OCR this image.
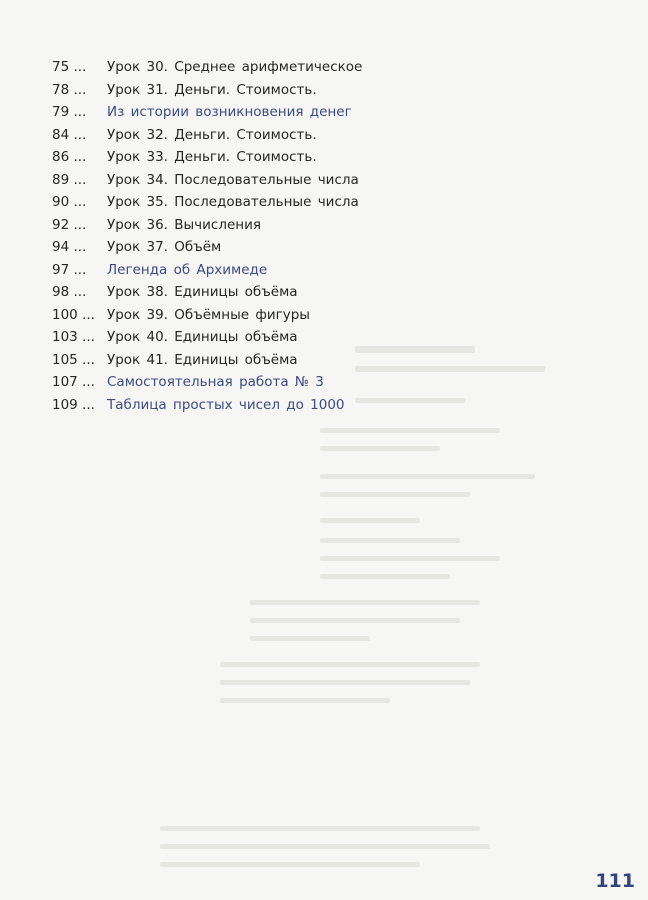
75 ...	Урок 30. Среднее арифметическое
78 ...	Урок 31. Деньги. Стоимость.
79 ...	Из истории возникновения денег
84 ...	Урок 32. Деньги. Стоимость.
86 ...	Урок 33. Деньги. Стоимость.
89 ...	Урок 34. Последовательные числа
90 ...	Урок 35. Последовательные числа
92 ...	Урок 36. Вычисления
94 ...	Урок 37. Объём
97 ...	Легенда об Архимеде
98 ...	Урок 38. Единицы объёма
100 ... Урок 39. Объёмные фигуры
103 ... Урок 40. Единицы объёма
105 ... Урок 41. Единицы объёма
107 ... Самостоятельная работа № 3
109 ... Таблица простых чисел до 1000
111
